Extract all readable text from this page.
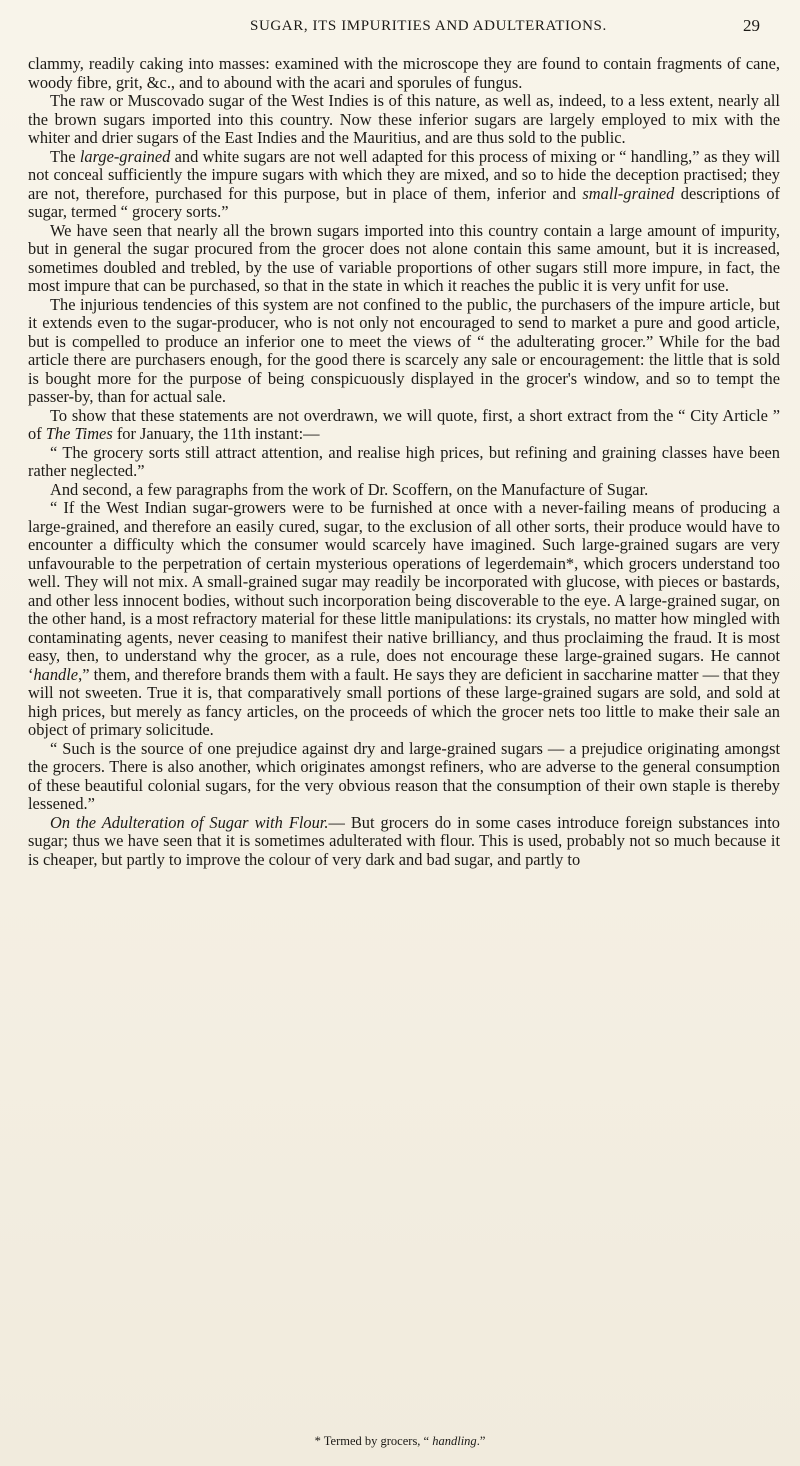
SUGAR, ITS IMPURITIES AND ADULTERATIONS.	29

clammy, readily caking into masses: examined with the microscope they are found to contain fragments of cane, woody fibre, grit, &c., and to abound with the acari and sporules of fungus.

The raw or Muscovado sugar of the West Indies is of this nature, as well as, indeed, to a less extent, nearly all the brown sugars imported into this country. Now these inferior sugars are largely employed to mix with the whiter and drier sugars of the East Indies and the Mauritius, and are thus sold to the public.

The large-grained and white sugars are not well adapted for this process of mixing or “ handling,” as they will not conceal sufficiently the impure sugars with which they are mixed, and so to hide the deception practised; they are not, therefore, purchased for this purpose, but in place of them, inferior and small-grained descriptions of sugar, termed “ grocery sorts.”

We have seen that nearly all the brown sugars imported into this country contain a large amount of impurity, but in general the sugar procured from the grocer does not alone contain this same amount, but it is increased, sometimes doubled and trebled, by the use of variable proportions of other sugars still more impure, in fact, the most impure that can be purchased, so that in the state in which it reaches the public it is very unfit for use.

The injurious tendencies of this system are not confined to the public, the purchasers of the impure article, but it extends even to the sugar-producer, who is not only not encouraged to send to market a pure and good article, but is compelled to produce an inferior one to meet the views of “ the adulterating grocer.” While for the bad article there are purchasers enough, for the good there is scarcely any sale or encouragement: the little that is sold is bought more for the purpose of being conspicuously displayed in the grocer's window, and so to tempt the passer-by, than for actual sale.

To show that these statements are not overdrawn, we will quote, first, a short extract from the “ City Article ” of The Times for January, the 11th instant:—

“ The grocery sorts still attract attention, and realise high prices, but refining and graining classes have been rather neglected.”

And second, a few paragraphs from the work of Dr. Scoffern, on the Manufacture of Sugar.

“ If the West Indian sugar-growers were to be furnished at once with a never-failing means of producing a large-grained, and therefore an easily cured, sugar, to the exclusion of all other sorts, their produce would have to encounter a difficulty which the consumer would scarcely have imagined. Such large-grained sugars are very unfavourable to the perpetration of certain mysterious operations of legerdemain*, which grocers understand too well. They will not mix. A small-grained sugar may readily be incorporated with glucose, with pieces or bastards, and other less innocent bodies, without such incorporation being discoverable to the eye. A large-grained sugar, on the other hand, is a most refractory material for these little manipulations: its crystals, no matter how mingled with contaminating agents, never ceasing to manifest their native brilliancy, and thus proclaiming the fraud. It is most easy, then, to understand why the grocer, as a rule, does not encourage these large-grained sugars. He cannot ‘handle,” them, and therefore brands them with a fault. He says they are deficient in saccharine matter — that they will not sweeten. True it is, that comparatively small portions of these large-grained sugars are sold, and sold at high prices, but merely as fancy articles, on the proceeds of which the grocer nets too little to make their sale an object of primary solicitude.

“ Such is the source of one prejudice against dry and large-grained sugars — a prejudice originating amongst the grocers. There is also another, which originates amongst refiners, who are adverse to the general consumption of these beautiful colonial sugars, for the very obvious reason that the consumption of their own staple is thereby lessened.”

On the Adulteration of Sugar with Flour.— But grocers do in some cases introduce foreign substances into sugar; thus we have seen that it is sometimes adulterated with flour. This is used, probably not so much because it is cheaper, but partly to improve the colour of very dark and bad sugar, and partly to

* Termed by grocers, “ handling.”
